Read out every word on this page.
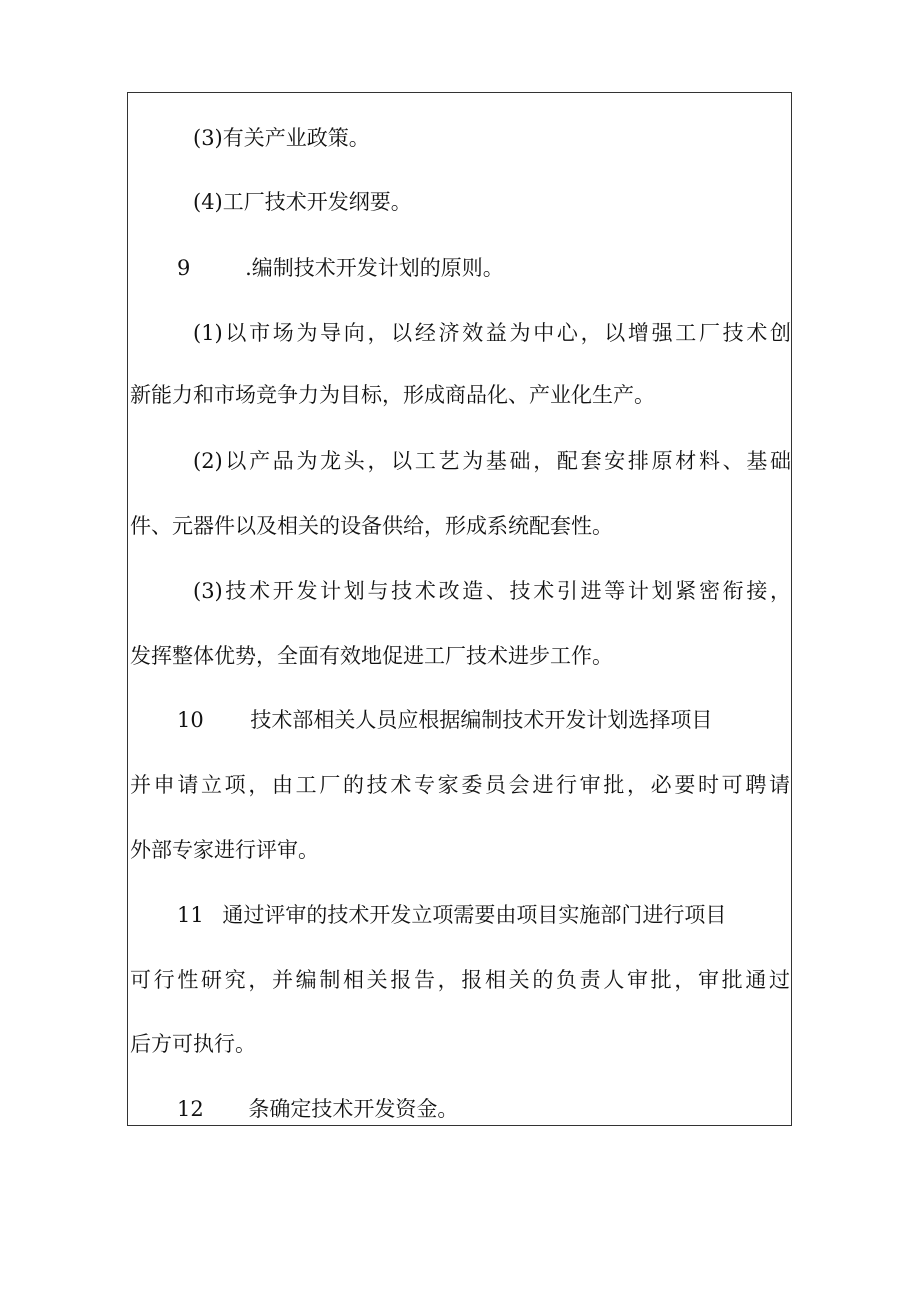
(3)有关产业政策。
(4)工厂技术开发纲要。
9	.编制技术开发计划的原则。
(1)以市场为导向，以经济效益为中心，以增强工厂技术创
新能力和市场竞争力为目标，形成商品化、产业化生产。
(2)以产品为龙头，以工艺为基础，配套安排原材料、基础
件、元器件以及相关的设备供给，形成系统配套性。
(3)技术开发计划与技术改造、技术引进等计划紧密衔接，
发挥整体优势，全面有效地促进工厂技术进步工作。
10 技术部相关人员应根据编制技术开发计划选择项目
并申请立项，由工厂的技术专家委员会进行审批，必要时可聘请
外部专家进行评审。
11 通过评审的技术开发立项需要由项目实施部门进行项目
可行性研究，并编制相关报告，报相关的负责人审批，审批通过
后方可执行。
12 条确定技术开发资金。
